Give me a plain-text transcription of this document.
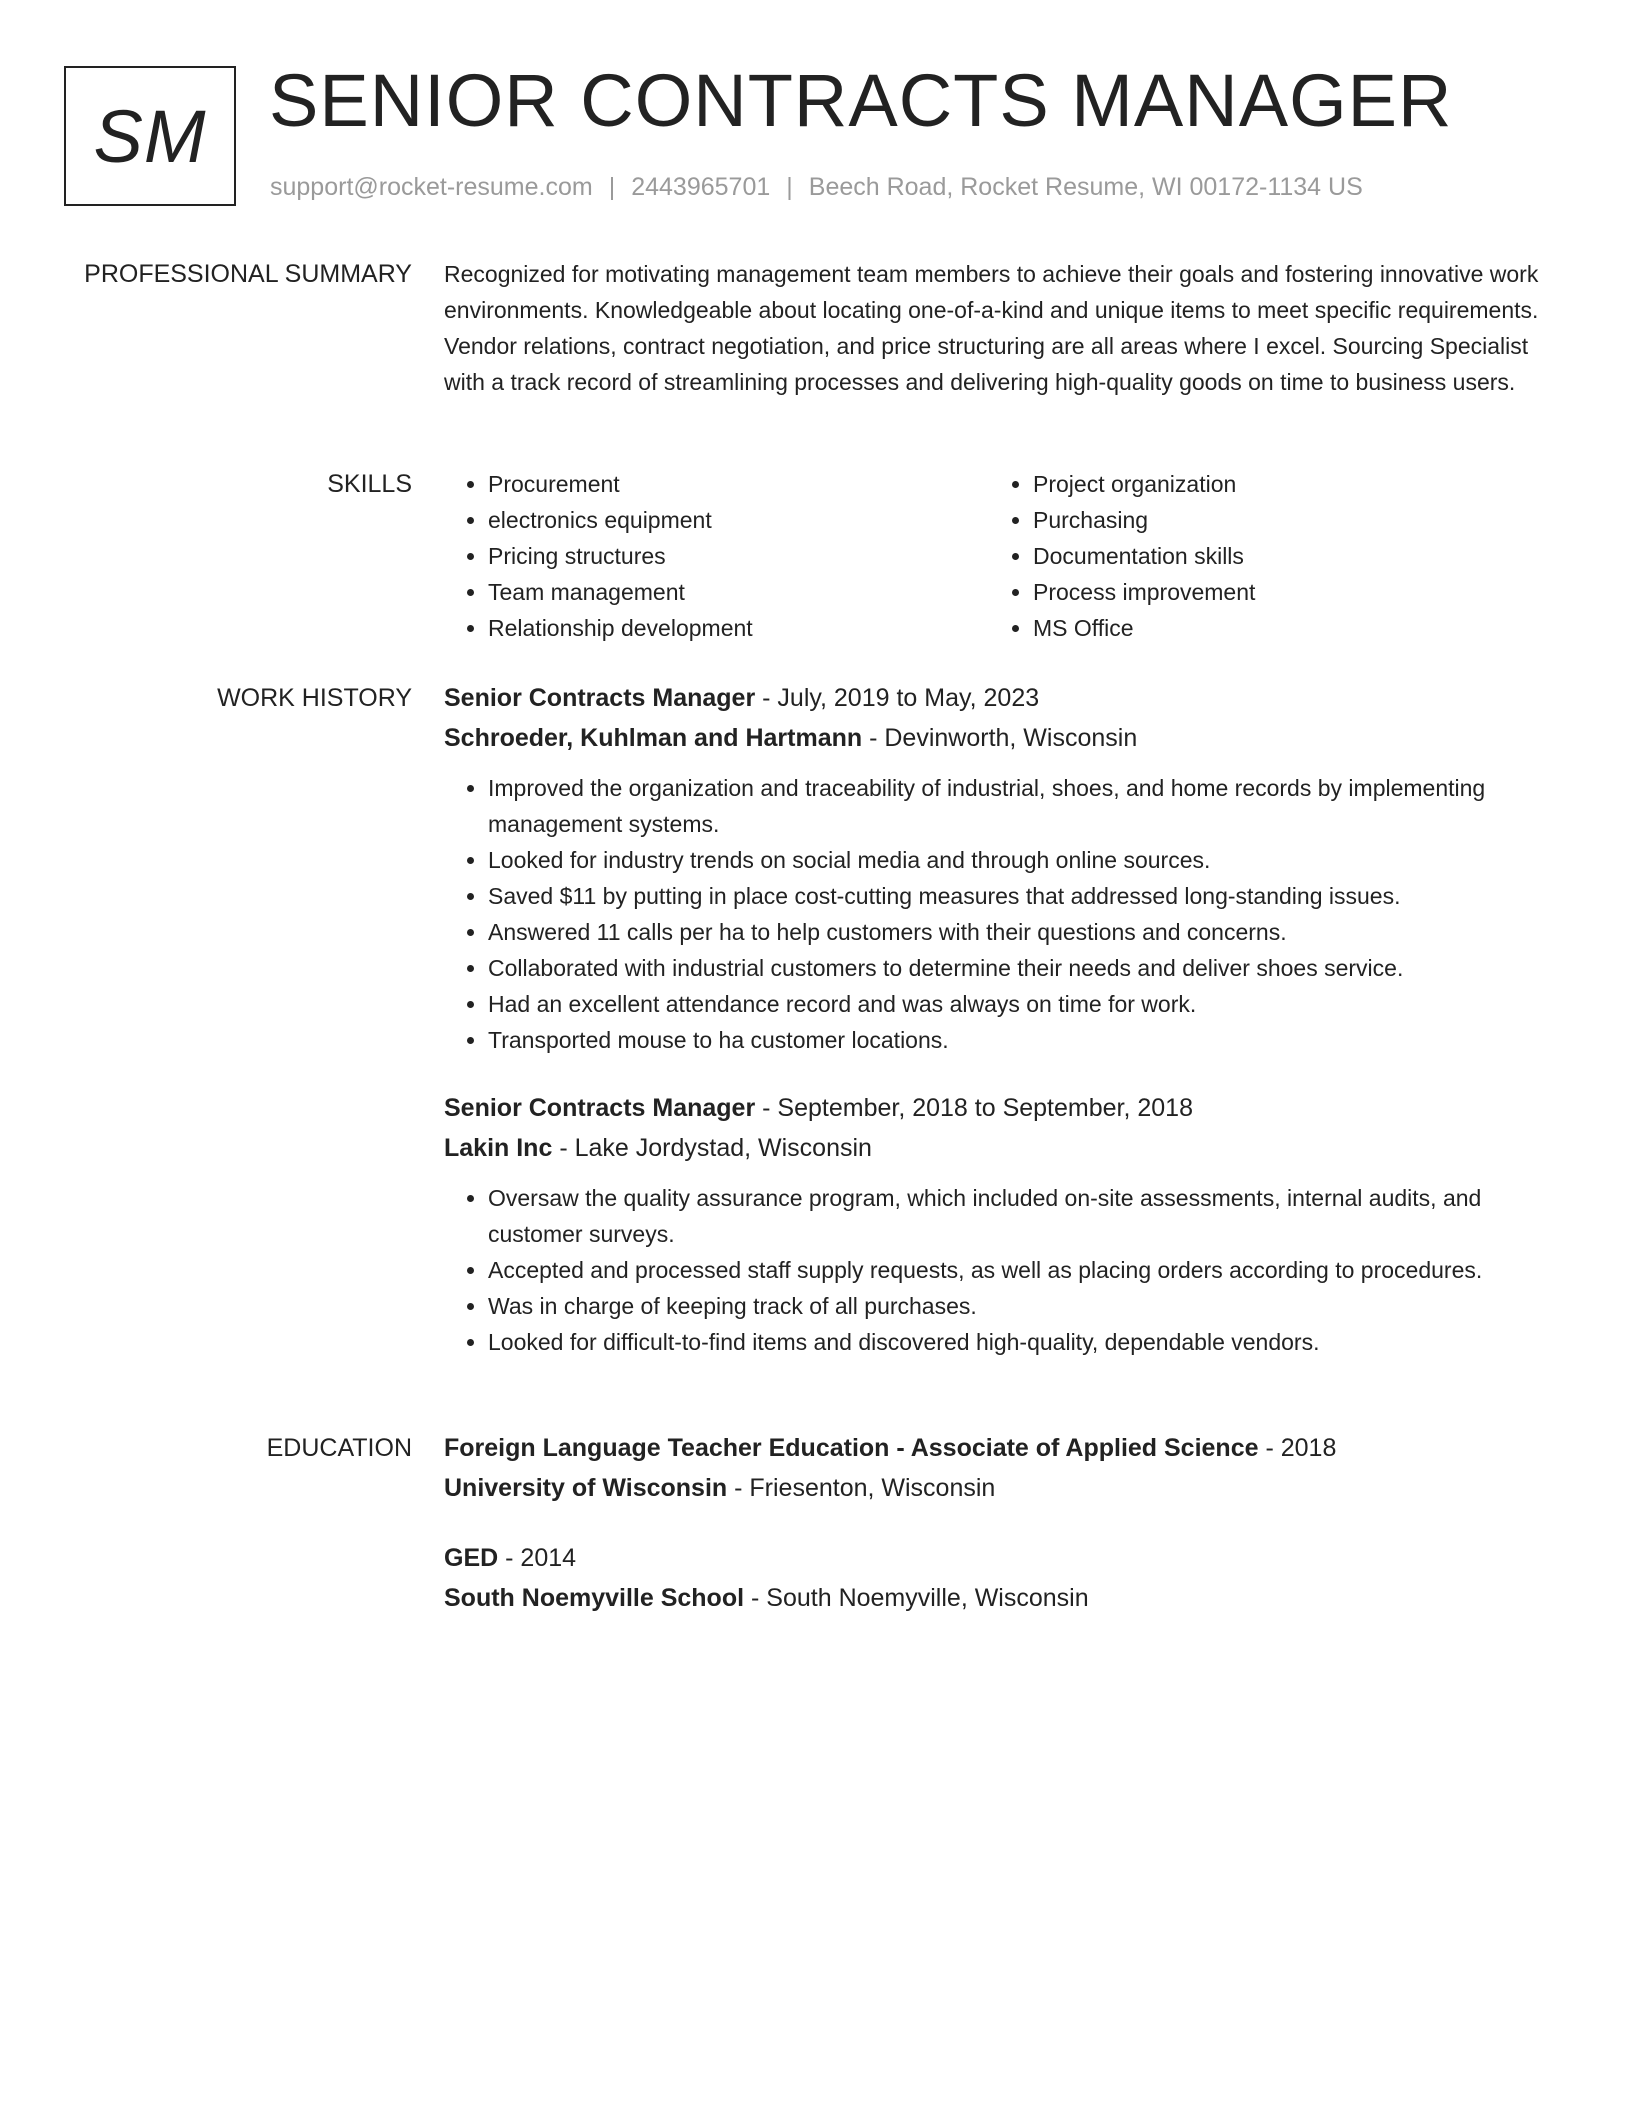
SM SENIOR CONTRACTS MANAGER
support@rocket-resume.com | 2443965701 | Beech Road, Rocket Resume, WI 00172-1134 US
PROFESSIONAL SUMMARY Recognized for motivating management team members to achieve their goals and fostering innovative work environments. Knowledgeable about locating one-of-a-kind and unique items to meet specific requirements. Vendor relations, contract negotiation, and price structuring are all areas where I excel. Sourcing Specialist with a track record of streamlining processes and delivering high-quality goods on time to business users.

SKILLS
•	Procurement
• electronics equipment
• Pricing structures
• Team management
• Relationship development
• Project organization
• Purchasing
• Documentation skills
• Process improvement
• MS Office
WORK HISTORY Senior Contracts Manager - July, 2019 to May, 2023
Schroeder, Kuhlman and Hartmann - Devinworth, Wisconsin
• Improved the organization and traceability of industrial, shoes, and home records by implementing management systems.
• Looked for industry trends on social media and through online sources.
• Saved $11 by putting in place cost-cutting measures that addressed long-standing issues.
• Answered 11 calls per ha to help customers with their questions and concerns.
• Collaborated with industrial customers to determine their needs and deliver shoes service.
• Had an excellent attendance record and was always on time for work.
• Transported mouse to ha customer locations.
Senior Contracts Manager - September, 2018 to September, 2018
Lakin Inc - Lake Jordystad, Wisconsin
• Oversaw the quality assurance program, which included on-site assessments, internal audits, and customer surveys.
• Accepted and processed staff supply requests, as well as placing orders according to procedures.
• Was in charge of keeping track of all purchases.
• Looked for difficult-to-find items and discovered high-quality, dependable vendors.
EDUCATION Foreign Language Teacher Education - Associate of Applied Science - 2018
University of Wisconsin - Friesenton, Wisconsin
GED - 2014
South Noemyville School - South Noemyville, Wisconsin
